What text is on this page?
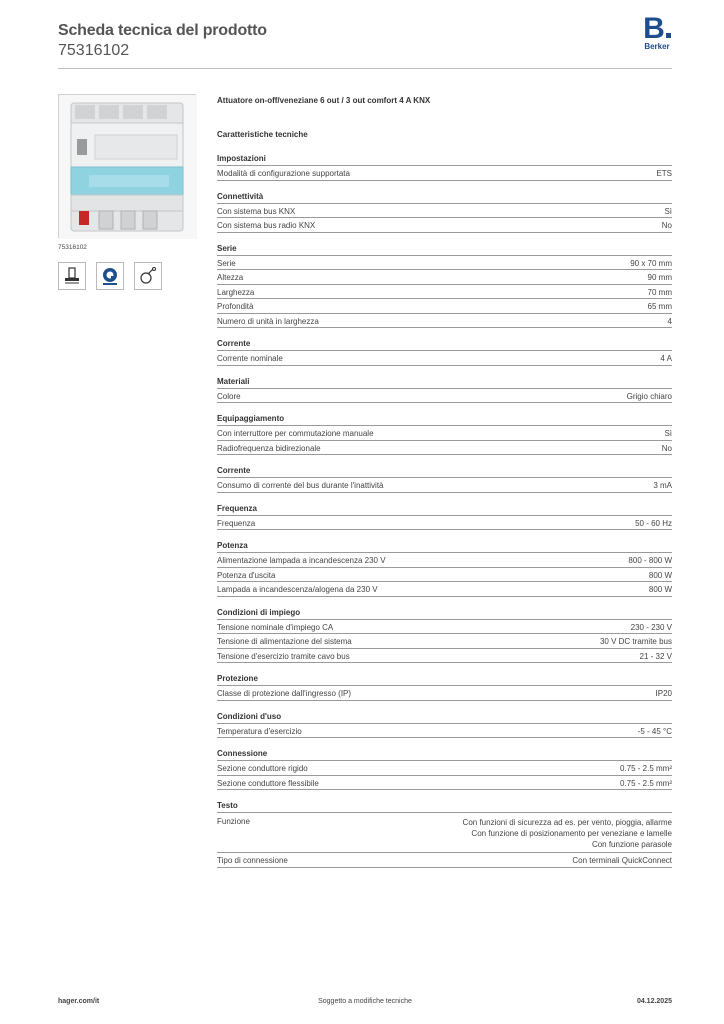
Scheda tecnica del prodotto
75316102
B
Berker
75316102
Attuatore on-off/veneziane 6 out / 3 out comfort 4 A KNX
Caratteristiche tecniche
Impostazioni
Modalità di configurazione supportata	ETS
Connettività
Con sistema bus KNX	Sì
Con sistema bus radio KNX	No
Serie
Serie	90 x 70 mm
Altezza	90 mm
Larghezza	70 mm
Profondità	65 mm
Numero di unità in larghezza	4
Corrente
Corrente nominale	4 A
Materiali
Colore	Grigio chiaro
Equipaggiamento
Con interruttore per commutazione manuale	Sì
Radiofrequenza bidirezionale	No
Corrente
Consumo di corrente del bus durante l'inattività	3 mA
Frequenza
Frequenza	50 - 60 Hz
Potenza
Alimentazione lampada a incandescenza 230 V	800 - 800 W
Potenza d'uscita	800 W
Lampada a incandescenza/alogena da 230 V	800 W
Condizioni di impiego
Tensione nominale d'impiego CA	230 - 230 V
Tensione di alimentazione del sistema	30 V DC tramite bus
Tensione d'esercizio tramite cavo bus	21 - 32 V
Protezione
Classe di protezione dall'ingresso (IP)	IP20
Condizioni d'uso
Temperatura d'esercizio	-5 - 45 °C
Connessione
Sezione conduttore rigido	0.75 - 2.5 mm²
Sezione conduttore flessibile	0.75 - 2.5 mm²
Testo
Funzione	Con funzioni di sicurezza ad es. per vento, pioggia, allarme
Con funzione di posizionamento per veneziane e lamelle
Con funzione parasole
Tipo di connessione	Con terminali QuickConnect
hager.com/it	Soggetto a modifiche tecniche	04.12.2025
